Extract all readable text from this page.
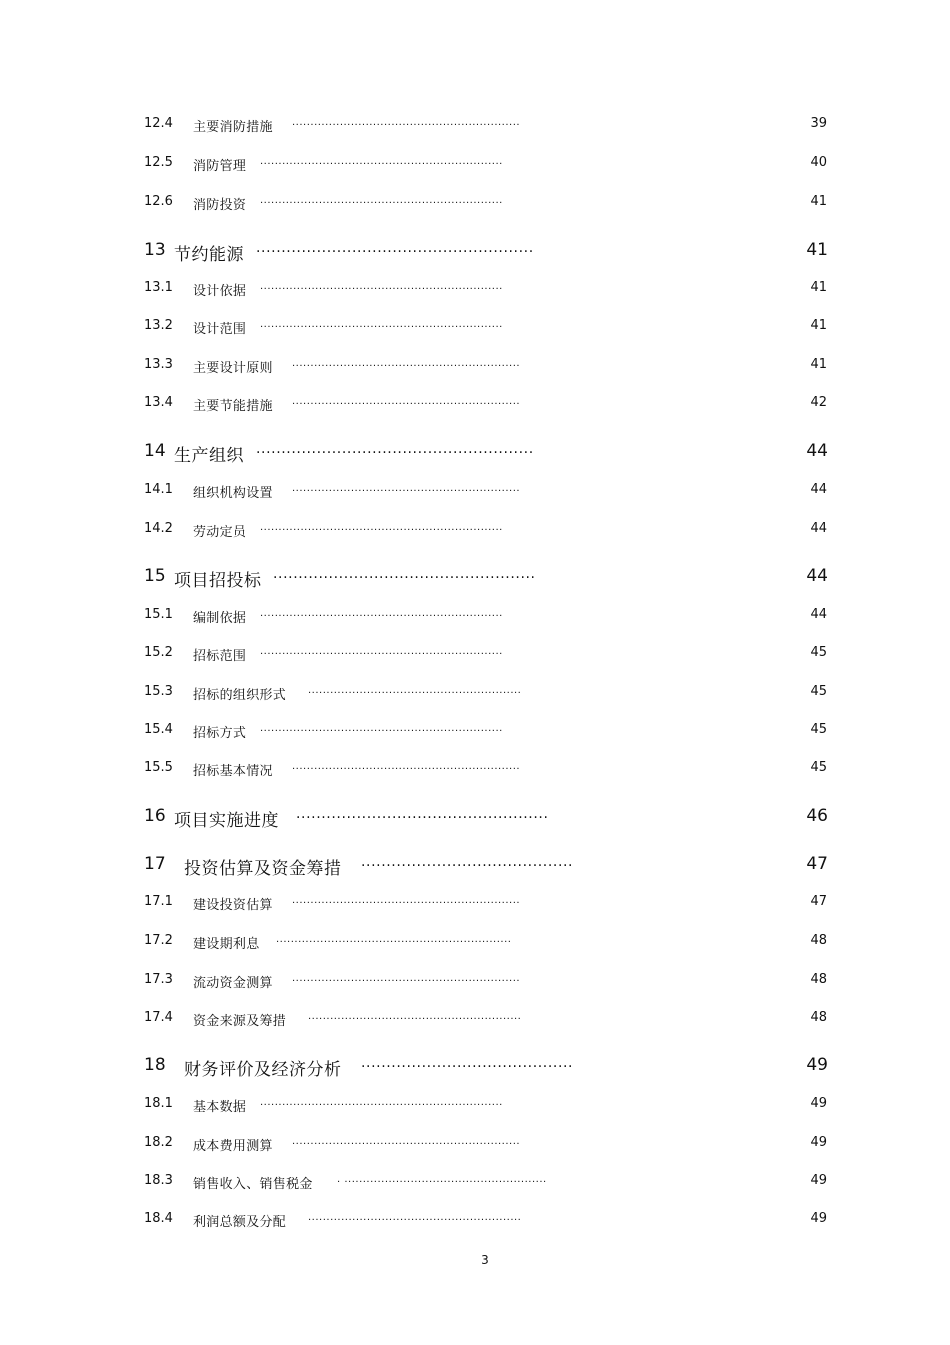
12.4 主要消防措施 ..............................................................	39
12.5 消防管理 ..................................................................	40
12.6 消防投资 ..................................................................	41
13 节约能源 .......................................................	41
13.1 设计依据 ..................................................................	41
13.2 设计范围 ..................................................................	41
13.3 主要设计原则 ..............................................................	41
13.4 主要节能措施 ..............................................................	42
14 生产组织 .......................................................	44
14.1 组织机构设置 ..............................................................	44
14.2 劳动定员 ..................................................................	44
15 项目招投标 ....................................................	44
15.1 编制依据 ..................................................................	44
15.2 招标范围 ..................................................................	45
15.3 招标的组织形式 ..........................................................	45
15.4 招标方式 ..................................................................	45
15.5 招标基本情况 ..............................................................	45
16 项目实施进度 ..................................................	46
17 投资估算及资金筹措 ..........................................	47
17.1 建设投资估算 ..............................................................	47
17.2 建设期利息 ................................................................	48
17.3 流动资金测算 ..............................................................	48
17.4 资金来源及筹措 ..........................................................	48
18 财务评价及经济分析 ..........................................	49
18.1 基本数据 ..................................................................	49
18.2 成本费用测算 ..............................................................	49
18.3 销售收入、销售税金 . .......................................................	49
18.4 利润总额及分配 ..........................................................	49
3
